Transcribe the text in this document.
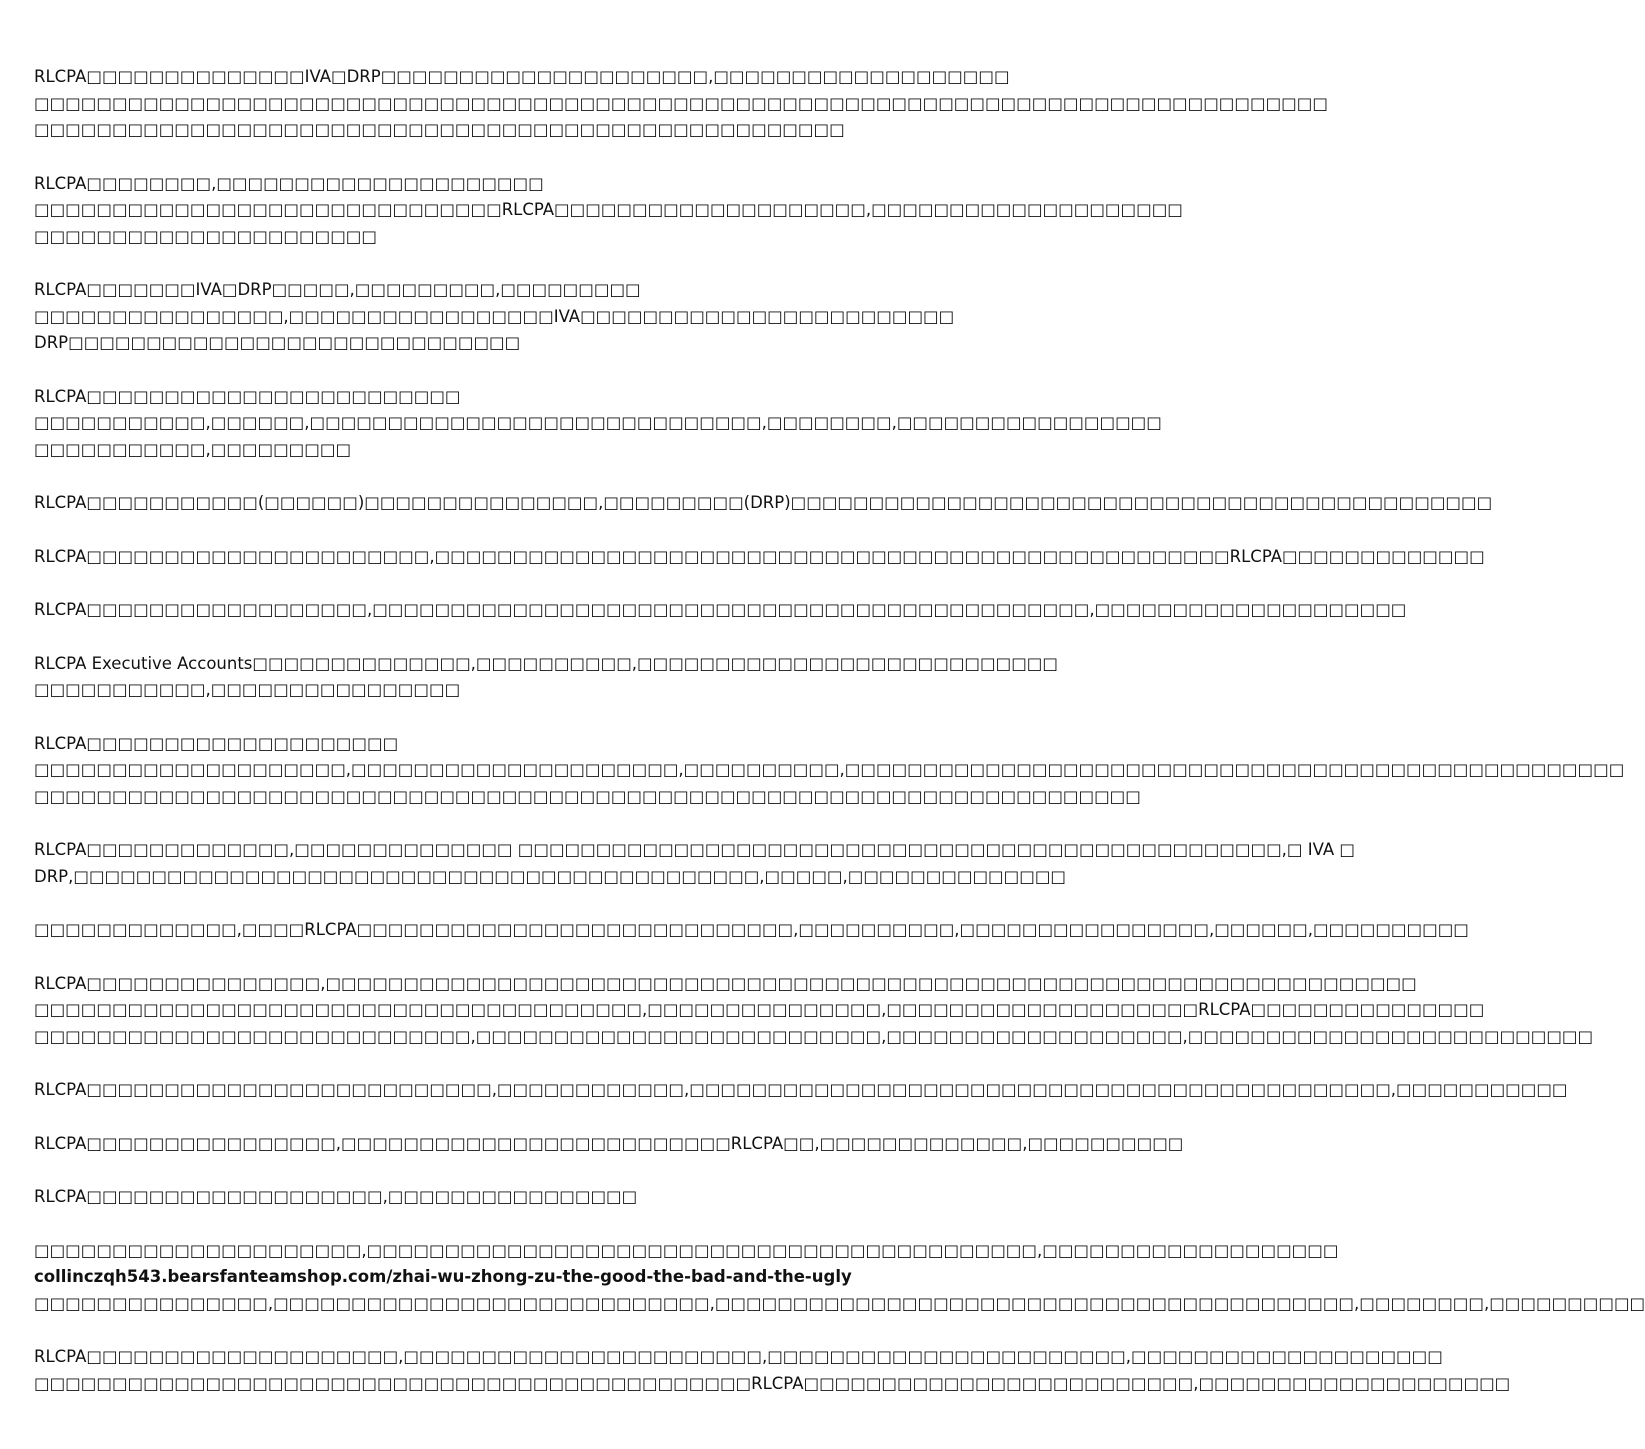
RLCPA□□□□□□□□□□□□□□IVA□DRP□□□□□□□□□□□□□□□□□□□□□,□□□□□□□□□□□□□□□□□□□
□□□□□□□□□□□□□□□□□□□□□□□□□□□□□□□□□□□□□□□□□□□□□□□□□□□□□□□□□□□□□□□□□□□□□□□□□□□□□□□□□□□
□□□□□□□□□□□□□□□□□□□□□□□□□□□□□□□□□□□□□□□□□□□□□□□□□□□□

RLCPA□□□□□□□□,□□□□□□□□□□□□□□□□□□□□□
□□□□□□□□□□□□□□□□□□□□□□□□□□□□□□RLCPA□□□□□□□□□□□□□□□□□□□□,□□□□□□□□□□□□□□□□□□□□
□□□□□□□□□□□□□□□□□□□□□□

RLCPA□□□□□□□IVA□DRP□□□□□,□□□□□□□□□,□□□□□□□□□
□□□□□□□□□□□□□□□□,□□□□□□□□□□□□□□□□□IVA□□□□□□□□□□□□□□□□□□□□□□□□
DRP□□□□□□□□□□□□□□□□□□□□□□□□□□□□□

RLCPA□□□□□□□□□□□□□□□□□□□□□□□□
□□□□□□□□□□□,□□□□□□,□□□□□□□□□□□□□□□□□□□□□□□□□□□□□,□□□□□□□□,□□□□□□□□□□□□□□□□□
□□□□□□□□□□□,□□□□□□□□□

RLCPA□□□□□□□□□□□(□□□□□□)□□□□□□□□□□□□□□□,□□□□□□□□□(DRP)□□□□□□□□□□□□□□□□□□□□□□□□□□□□□□□□□□□□□□□□□□□□□

RLCPA□□□□□□□□□□□□□□□□□□□□□□,□□□□□□□□□□□□□□□□□□□□□□□□□□□□□□□□□□□□□□□□□□□□□□□□□□□RLCPA□□□□□□□□□□□□□

RLCPA□□□□□□□□□□□□□□□□□□,□□□□□□□□□□□□□□□□□□□□□□□□□□□□□□□□□□□□□□□□□□□□□□,□□□□□□□□□□□□□□□□□□□□

RLCPA Executive Accounts□□□□□□□□□□□□□□,□□□□□□□□□□,□□□□□□□□□□□□□□□□□□□□□□□□□□□
□□□□□□□□□□□,□□□□□□□□□□□□□□□□

RLCPA□□□□□□□□□□□□□□□□□□□□
□□□□□□□□□□□□□□□□□□□□,□□□□□□□□□□□□□□□□□□□□□,□□□□□□□□□□,□□□□□□□□□□□□□□□□□□□□□□□□□□□□□□□□□□□□□□□□□□□□□□□□□□
□□□□□□□□□□□□□□□□□□□□□□□□□□□□□□□□□□□□□□□□□□□□□□□□□□□□□□□□□□□□□□□□□□□□□□□

RLCPA□□□□□□□□□□□□□,□□□□□□□□□□□□□□ □□□□□□□□□□□□□□□□□□□□□□□□□□□□□□□□□□□□□□□□□□□□□□□□□,□ IVA □
DRP,□□□□□□□□□□□□□□□□□□□□□□□□□□□□□□□□□□□□□□□□□□□□,□□□□□,□□□□□□□□□□□□□□

□□□□□□□□□□□□□,□□□□RLCPA□□□□□□□□□□□□□□□□□□□□□□□□□□□□,□□□□□□□□□□,□□□□□□□□□□□□□□□□,□□□□□□,□□□□□□□□□□

RLCPA□□□□□□□□□□□□□□□,□□□□□□□□□□□□□□□□□□□□□□□□□□□□□□□□□□□□□□□□□□□□□□□□□□□□□□□□□□□□□□□□□□□□□□
□□□□□□□□□□□□□□□□□□□□□□□□□□□□□□□□□□□□□□□,□□□□□□□□□□□□□□□,□□□□□□□□□□□□□□□□□□□□RLCPA□□□□□□□□□□□□□□□
□□□□□□□□□□□□□□□□□□□□□□□□□□□□,□□□□□□□□□□□□□□□□□□□□□□□□□□,□□□□□□□□□□□□□□□□□□□,□□□□□□□□□□□□□□□□□□□□□□□□□□

RLCPA□□□□□□□□□□□□□□□□□□□□□□□□□□,□□□□□□□□□□□□,□□□□□□□□□□□□□□□□□□□□□□□□□□□□□□□□□□□□□□□□□□□□□,□□□□□□□□□□□

RLCPA□□□□□□□□□□□□□□□□,□□□□□□□□□□□□□□□□□□□□□□□□□RLCPA□□,□□□□□□□□□□□□□,□□□□□□□□□□

RLCPA□□□□□□□□□□□□□□□□□□□,□□□□□□□□□□□□□□□□

□□□□□□□□□□□□□□□□□□□□□,□□□□□□□□□□□□□□□□□□□□□□□□□□□□□□□□□□□□□□□□□□□,□□□□□□□□□□□□□□□□□□□
collinczqh543.bearsfanteamshop.com/zhai-wu-zhong-zu-the-good-the-bad-and-the-ugly
□□□□□□□□□□□□□□□,□□□□□□□□□□□□□□□□□□□□□□□□□□□□,□□□□□□□□□□□□□□□□□□□□□□□□□□□□□□□□□□□□□□□□□,□□□□□□□□,□□□□□□□□□□

RLCPA□□□□□□□□□□□□□□□□□□□□,□□□□□□□□□□□□□□□□□□□□□□□,□□□□□□□□□□□□□□□□□□□□□□□,□□□□□□□□□□□□□□□□□□□□
□□□□□□□□□□□□□□□□□□□□□□□□□□□□□□□□□□□□□□□□□□□□□□RLCPA□□□□□□□□□□□□□□□□□□□□□□□□□,□□□□□□□□□□□□□□□□□□□□
